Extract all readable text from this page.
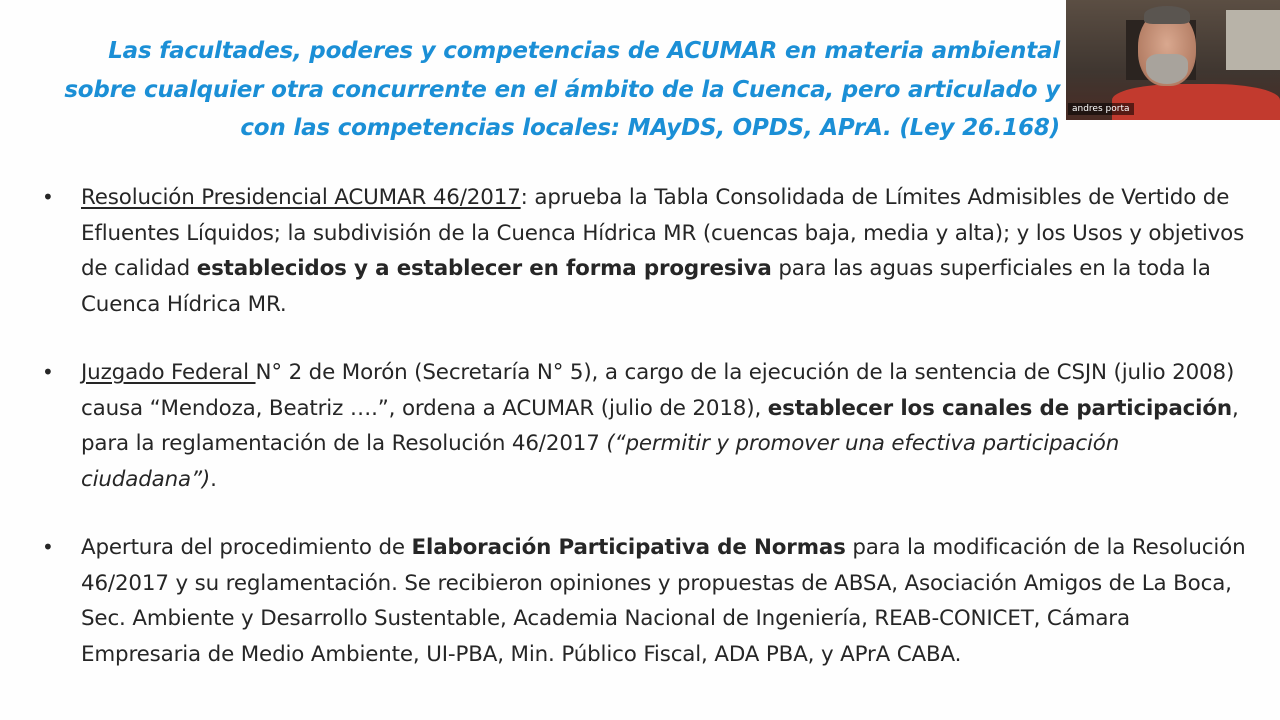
Las facultades, poderes y competencias de ACUMAR en materia ambiental
sobre cualquier otra concurrente en el ámbito de la Cuenca, pero articulado y
con las competencias locales: MAyDS, OPDS, APrA. (Ley 26.168)
• Resolución Presidencial ACUMAR 46/2017: aprueba la Tabla Consolidada de Límites Admisibles de Vertido de Efluentes Líquidos; la subdivisión de la Cuenca Hídrica MR (cuencas baja, media y alta); y los Usos y objetivos de calidad establecidos y a establecer en forma progresiva para las aguas superficiales en la toda la Cuenca Hídrica MR.
• Juzgado Federal N° 2 de Morón (Secretaría N° 5), a cargo de la ejecución de la sentencia de CSJN (julio 2008) causa “Mendoza, Beatriz ….”, ordena a ACUMAR (julio de 2018), establecer los canales de participación, para la reglamentación de la Resolución 46/2017 (“permitir y promover una efectiva participación ciudadana”).
• Apertura del procedimiento de Elaboración Participativa de Normas para la modificación de la Resolución 46/2017 y su reglamentación. Se recibieron opiniones y propuestas de ABSA, Asociación Amigos de La Boca, Sec. Ambiente y Desarrollo Sustentable, Academia Nacional de Ingeniería, REAB-CONICET, Cámara Empresaria de Medio Ambiente, UI-PBA, Min. Público Fiscal, ADA PBA, y APrA CABA.
andres porta
